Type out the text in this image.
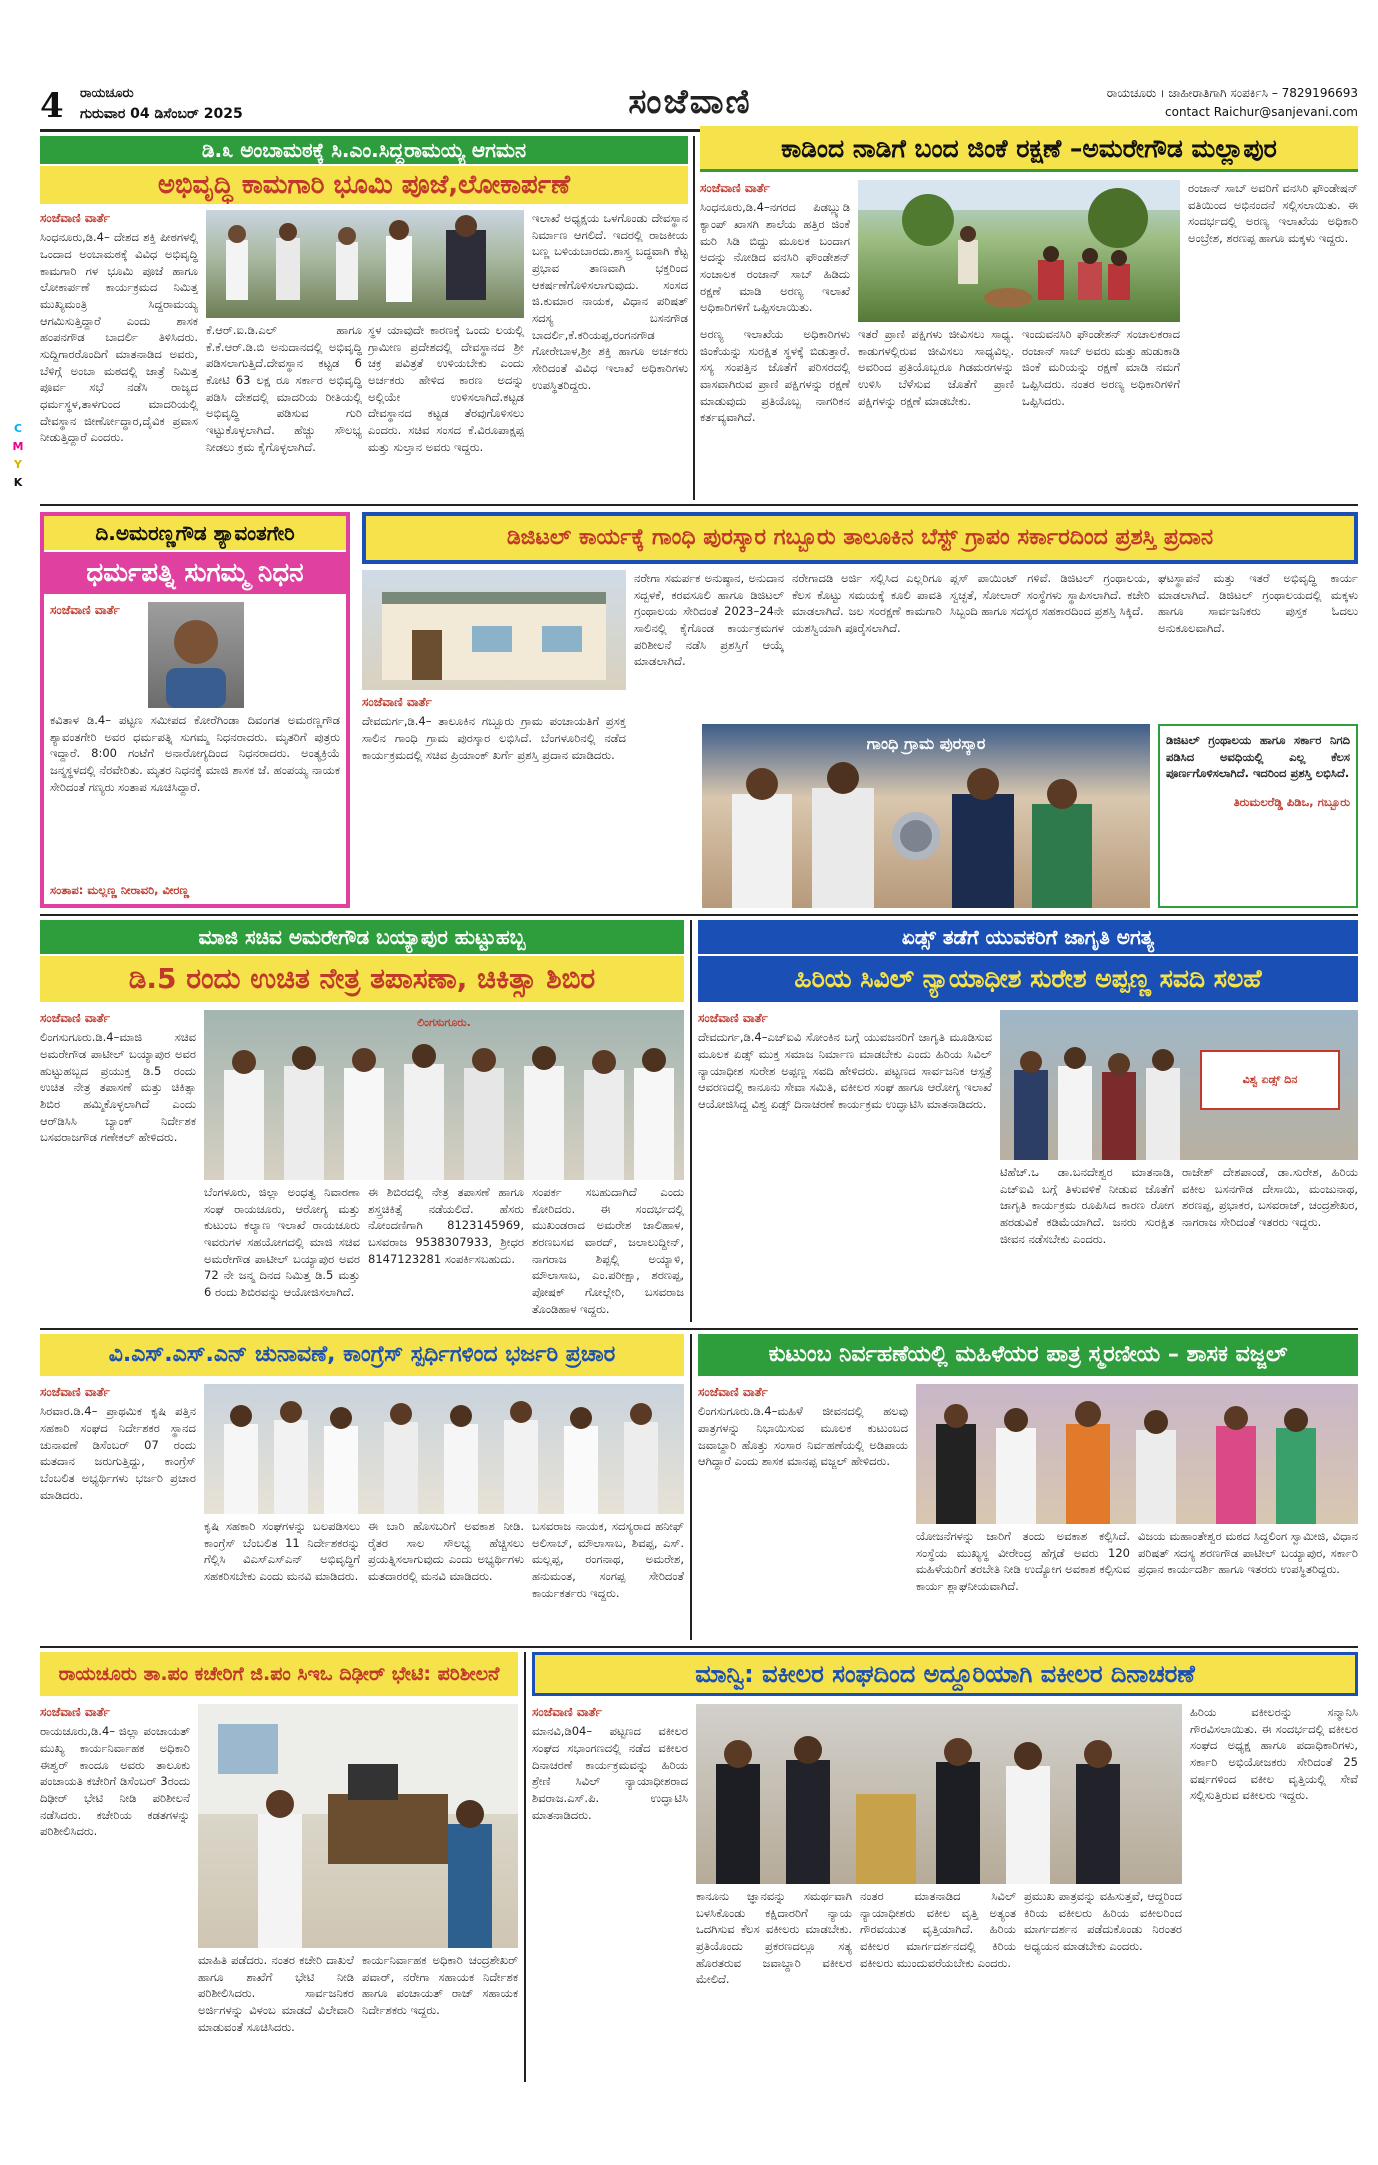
4 ರಾಯಚೂರು
ಗುರುವಾರ 04 ಡಿಸೆಂಬರ್ 2025	ಸಂಜೆವಾಣಿ	ರಾಯಚೂರು । ಜಾಹೀರಾತಿಗಾಗಿ ಸಂಪರ್ಕಿಸಿ – 7829196693
contact Raichur@sanjevani.com
C
M
Y
K
ಡಿ.೩ ಅಂಬಾಮಠಕ್ಕೆ ಸಿ.ಎಂ.ಸಿದ್ದರಾಮಯ್ಯ ಆಗಮನ
ಅಭಿವೃದ್ಧಿ ಕಾಮಗಾರಿ ಭೂಮಿ ಪೂಜೆ,ಲೋಕಾರ್ಪಣೆ
ಸಂಜೆವಾಣಿ ವಾರ್ತೆ
ಸಿಂಧನೂರು,ಡಿ.4– ದೇಶದ ಶಕ್ತಿ ಪೀಠಗಳಲ್ಲಿ ಒಂದಾದ ಅಂಬಾಮಠಕ್ಕೆ ವಿವಿಧ ಅಭಿವೃದ್ಧಿ ಕಾಮಗಾರಿ ಗಳ ಭೂಮಿ ಪೂಜೆ ಹಾಗೂ ಲೋಕಾರ್ಪಣೆ ಕಾರ್ಯಕ್ರಮದ ನಿಮಿತ್ತ ಮುಖ್ಯಮಂತ್ರಿ ಸಿದ್ದರಾಮಯ್ಯ ಆಗಮಿಸುತ್ತಿದ್ದಾರೆ ಎಂದು ಶಾಸಕ ಹಂಪನಗೌಡ ಬಾದರ್ಲಿ ತಿಳಿಸಿದರು. ಸುದ್ದಿಗಾರರೊಂದಿಗೆ ಮಾತನಾಡಿದ ಅವರು, ಬೆಳಿಗ್ಗೆ ಅಂಬಾ ಮಠದಲ್ಲಿ ಜಾತ್ರೆ ನಿಮಿತ್ತ ಪೂರ್ವ ಸಭೆ ನಡೆಸಿ ರಾಜ್ಯದ ಧರ್ಮಸ್ಥಳ,ತಾಳಗುಂದ ಮಾದರಿಯಲ್ಲಿ ದೇವಸ್ಥಾನ ಜೀರ್ಣೋದ್ಧಾರ,ದೈವಿಕ ಪ್ರವಾಸ ನೀಡುತ್ತಿದ್ದಾರೆ ಎಂದರು.
ಕೆ.ಆರ್.ಐ.ಡಿ.ಎಲ್ ಹಾಗೂ ಕೆ.ಕೆ.ಆರ್.ಡಿ.ಬಿ ಅನುದಾನದಲ್ಲಿ ಅಭಿವೃದ್ಧಿ ಪಡಿಸಲಾಗುತ್ತಿದೆ.ದೇವಸ್ಥಾನ ಕಟ್ಟಡ 6 ಕೋಟಿ 63 ಲಕ್ಷ ರೂ ಸರ್ಕಾರ ಅಭಿವೃದ್ಧಿ ಪಡಿಸಿ ದೇಶದಲ್ಲಿ ಮಾದರಿಯ ರೀತಿಯಲ್ಲಿ ಅಭಿವೃದ್ಧಿ ಪಡಿಸುವ ಗುರಿ ಇಟ್ಟುಕೊಳ್ಳಲಾಗಿದೆ. ಹೆಚ್ಚು ಸೌಲಭ್ಯ ನೀಡಲು ಕ್ರಮ ಕೈಗೊಳ್ಳಲಾಗಿದೆ.
ಸ್ಥಳ ಯಾವುದೇ ಕಾರಣಕ್ಕೆ ಒಂದು ಲಯಲ್ಲಿ ಗ್ರಾಮೀಣ ಪ್ರದೇಶದಲ್ಲಿ ದೇವಸ್ಥಾನದ ಶ್ರೀ ಚಕ್ರ ಪವಿತ್ರತೆ ಉಳಿಯಬೇಕು ಎಂದು ಅರ್ಚಕರು ಹೇಳಿದ ಕಾರಣ ಅದನ್ನು ಅಲ್ಲಿಯೇ ಉಳಿಸಲಾಗಿದೆ.ಕಟ್ಟಡ ದೇವಸ್ಥಾನದ ಕಟ್ಟಡ ತೆರವುಗೊಳಿಸಲು ಎಂದರು. ಸಚಿವ ಸಂಸದ ಕೆ.ವಿರೂಪಾಕ್ಷಪ್ಪ ಮತ್ತು ಸುಲ್ತಾನ ಅವರು ಇದ್ದರು.
ಇಲಾಖೆ ಅಧ್ಯಕ್ಷಯ ಒಳಗೊಂಡು ದೇವಸ್ಥಾನ ನಿರ್ಮಾಣ ಆಗಲಿದೆ. ಇದರಲ್ಲಿ ರಾಜಕೀಯ ಬಣ್ಣ ಬಳಿಯಬಾರದು.ಶಾಸ್ತ್ರ ಬದ್ಧವಾಗಿ ಕೆಟ್ಟ ಪ್ರಭಾವ ತಾಣವಾಗಿ ಭಕ್ತರಿಂದ ಆಕರ್ಷಣೆಗೊಳಿಸಲಾಗುವುದು. ಸಂಸದ ಜಿ.ಕುಮಾರ ನಾಯಕ, ವಿಧಾನ ಪರಿಷತ್ ಸದಸ್ಯ ಬಸನಗೌಡ ಬಾದರ್ಲಿ,ಕೆ.ಕರಿಯಪ್ಪ,ರಂಗನಗೌಡ ಗೋರೇಬಾಳ,ಶ್ರೀ ಶಕ್ತಿ ಹಾಗೂ ಅರ್ಚಕರು ಸೇರಿದಂತೆ ವಿವಿಧ ಇಲಾಖೆ ಅಧಿಕಾರಿಗಳು ಉಪಸ್ಥಿತರಿದ್ದರು.
ಕಾಡಿಂದ ನಾಡಿಗೆ ಬಂದ ಜಿಂಕೆ ರಕ್ಷಣೆ –ಅಮರೇಗೌಡ ಮಲ್ಲಾಪುರ
ಸಂಜೆವಾಣಿ ವಾರ್ತೆ
ಸಿಂಧನೂರು,ಡಿ.4–ನಗರದ ಪಿಡಬ್ಲ್ಯುಡಿ ಕ್ಯಾಂಪ್ ಖಾಸಗಿ ಶಾಲೆಯ ಹತ್ತಿರ ಜಿಂಕೆ ಮರಿ ಸಿಡಿ ಬಿದ್ದು ಮೂಲಕ ಬಂದಾಗ ಅದನ್ನು ನೋಡಿದ ವನಸಿರಿ ಫೌಂಡೇಶನ್ ಸಂಚಾಲಕ ರಂಜಾನ್ ಸಾಬ್ ಹಿಡಿದು ರಕ್ಷಣೆ ಮಾಡಿ ಅರಣ್ಯ ಇಲಾಖೆ ಅಧಿಕಾರಿಗಳಿಗೆ ಒಪ್ಪಿಸಲಾಯಿತು.
ಅರಣ್ಯ ಇಲಾಖೆಯ ಅಧಿಕಾರಿಗಳು ಜಿಂಕೆಯನ್ನು ಸುರಕ್ಷಿತ ಸ್ಥಳಕ್ಕೆ ಬಿಡುತ್ತಾರೆ. ಸಸ್ಯ ಸಂಪತ್ತಿನ ಜೊತೆಗೆ ಪರಿಸರದಲ್ಲಿ ವಾಸವಾಗಿರುವ ಪ್ರಾಣಿ ಪಕ್ಷಿಗಳನ್ನು ರಕ್ಷಣೆ ಮಾಡುವುದು ಪ್ರತಿಯೊಬ್ಬ ನಾಗರಿಕನ ಕರ್ತವ್ಯವಾಗಿದೆ.
ಇತರೆ ಪ್ರಾಣಿ ಪಕ್ಷಿಗಳು ಜೀವಿಸಲು ಸಾಧ್ಯ. ಕಾಡುಗಳಲ್ಲಿರುವ ಜೀವಿಸಲು ಸಾಧ್ಯವಿಲ್ಲ. ಅವರಿಂದ ಪ್ರತಿಯೊಬ್ಬರೂ ಗಿಡಮರಗಳನ್ನು ಉಳಿಸಿ ಬೆಳೆಸುವ ಜೊತೆಗೆ ಪ್ರಾಣಿ ಪಕ್ಷಿಗಳನ್ನು ರಕ್ಷಣೆ ಮಾಡಬೇಕು.
ಇಂದುವನಸಿರಿ ಫೌಂಡೇಶನ್ ಸಂಚಾಲಕರಾದ ರಂಜಾನ್ ಸಾಬ್ ಅವರು ಮತ್ತು ಹುಡುಕಾಡಿ ಜಿಂಕೆ ಮರಿಯನ್ನು ರಕ್ಷಣೆ ಮಾಡಿ ನಮಗೆ ಒಪ್ಪಿಸಿದರು. ನಂತರ ಅರಣ್ಯ ಅಧಿಕಾರಿಗಳಿಗೆ ಒಪ್ಪಿಸಿದರು.
ರಂಜಾನ್ ಸಾಬ್ ಅವರಿಗೆ ವನಸಿರಿ ಫೌಂಡೇಷನ್ ವತಿಯಿಂದ ಅಭಿನಂದನೆ ಸಲ್ಲಿಸಲಾಯಿತು. ಈ ಸಂದರ್ಭದಲ್ಲಿ ಅರಣ್ಯ ಇಲಾಖೆಯ ಅಧಿಕಾರಿ ಅಂಬ್ರೇಶ, ಶರಣಪ್ಪ ಹಾಗೂ ಮಕ್ಕಳು ಇದ್ದರು.
ದಿ.ಅಮರಣ್ಣಗೌಡ ಶ್ಯಾವಂತಗೇರಿ
ಧರ್ಮಪತ್ನಿ ಸುಗಮ್ಮ ನಿಧನ
ಸಂಜೆವಾಣಿ ವಾರ್ತೆ
ಕವಿತಾಳ ಡಿ.4– ಪಟ್ಟಣ ಸಮೀಪದ ಕೋರೆಗಿಂಡಾ ದಿವಂಗತ ಅಮರಣ್ಣಗೌಡ ಶ್ಯಾವಂತಗೇರಿ ಅವರ ಧರ್ಮಪತ್ನಿ ಸುಗಮ್ಮ ನಿಧನರಾದರು. ಮೃತರಿಗೆ ಪುತ್ರರು ಇದ್ದಾರೆ. 8:00 ಗಂಟೆಗೆ ಅನಾರೋಗ್ಯದಿಂದ ನಿಧನರಾದರು. ಅಂತ್ಯಕ್ರಿಯೆ ಜನ್ಮಸ್ಥಳದಲ್ಲಿ ನೆರವೇರಿತು. ಮೃತರ ನಿಧನಕ್ಕೆ ಮಾಜಿ ಶಾಸಕ ಜೆ. ಹಂಪಯ್ಯ ನಾಯಕ ಸೇರಿದಂತೆ ಗಣ್ಯರು ಸಂತಾಪ ಸೂಚಿಸಿದ್ದಾರೆ.
ಸಂತಾಪ: ಮಲ್ಲಣ್ಣ ನೀರಾವರಿ, ವೀರಣ್ಣ
ಡಿಜಿಟಲ್ ಕಾರ್ಯಕ್ಕೆ ಗಾಂಧಿ ಪುರಸ್ಕಾರ ಗಬ್ಬೂರು ತಾಲೂಕಿನ ಬೆಸ್ಟ್ ಗ್ರಾಪಂ ಸರ್ಕಾರದಿಂದ ಪ್ರಶಸ್ತಿ ಪ್ರದಾನ
ಸಂಜೆವಾಣಿ ವಾರ್ತೆ
ದೇವದುರ್ಗ,ಡಿ.4– ತಾಲೂಕಿನ ಗಬ್ಬೂರು ಗ್ರಾಮ ಪಂಚಾಯತಿಗೆ ಪ್ರಸಕ್ತ ಸಾಲಿನ ಗಾಂಧಿ ಗ್ರಾಮ ಪುರಸ್ಕಾರ ಲಭಿಸಿದೆ. ಬೆಂಗಳೂರಿನಲ್ಲಿ ನಡೆದ ಕಾರ್ಯಕ್ರಮದಲ್ಲಿ ಸಚಿವ ಪ್ರಿಯಾಂಕ್ ಖರ್ಗೆ ಪ್ರಶಸ್ತಿ ಪ್ರದಾನ ಮಾಡಿದರು.
ನರೇಗಾ ಸಮರ್ಪಕ ಅನುಷ್ಠಾನ, ಅನುದಾನ ಸದ್ಬಳಕೆ, ಕರವಸೂಲಿ ಹಾಗೂ ಡಿಜಿಟಲ್ ಗ್ರಂಥಾಲಯ ಸೇರಿದಂತೆ 2023–24ನೇ ಸಾಲಿನಲ್ಲಿ ಕೈಗೊಂಡ ಕಾರ್ಯಕ್ರಮಗಳ ಪರಿಶೀಲನೆ ನಡೆಸಿ ಪ್ರಶಸ್ತಿಗೆ ಆಯ್ಕೆ ಮಾಡಲಾಗಿದೆ.
ನರೇಗಾದಡಿ ಅರ್ಜಿ ಸಲ್ಲಿಸಿದ ಎಲ್ಲರಿಗೂ ಕೆಲಸ ಕೊಟ್ಟು ಸಮಯಕ್ಕೆ ಕೂಲಿ ಪಾವತಿ ಮಾಡಲಾಗಿದೆ. ಜಲ ಸಂರಕ್ಷಣೆ ಕಾಮಗಾರಿ ಯಶಸ್ವಿಯಾಗಿ ಪೂರೈಸಲಾಗಿದೆ.
ಪ್ಲಸ್ ಪಾಯಿಂಟ್ ಗಳಿವೆ. ಡಿಜಿಟಲ್ ಗ್ರಂಥಾಲಯ, ಸ್ವಚ್ಛತೆ, ಸೋಲಾರ್ ಸಂಸ್ಥೆಗಳು ಸ್ಥಾಪಿಸಲಾಗಿದೆ. ಕಚೇರಿ ಸಿಬ್ಬಂದಿ ಹಾಗೂ ಸದಸ್ಯರ ಸಹಕಾರದಿಂದ ಪ್ರಶಸ್ತಿ ಸಿಕ್ಕಿದೆ.
ಗಾಂಧಿ ಗ್ರಾಮ ಪುರಸ್ಕಾರ
ಘಟಸ್ಥಾಪನೆ ಮತ್ತು ಇತರೆ ಅಭಿವೃದ್ಧಿ ಕಾರ್ಯ ಮಾಡಲಾಗಿದೆ. ಡಿಜಿಟಲ್ ಗ್ರಂಥಾಲಯದಲ್ಲಿ ಮಕ್ಕಳು ಹಾಗೂ ಸಾರ್ವಜನಿಕರು ಪುಸ್ತಕ ಓದಲು ಅನುಕೂಲವಾಗಿದೆ.
ಡಿಜಿಟಲ್ ಗ್ರಂಥಾಲಯ ಹಾಗೂ ಸರ್ಕಾರ ನಿಗದಿ ಪಡಿಸಿದ ಅವಧಿಯಲ್ಲಿ ಎಲ್ಲ ಕೆಲಸ ಪೂರ್ಣಗೊಳಿಸಲಾಗಿದೆ. ಇದರಿಂದ ಪ್ರಶಸ್ತಿ ಲಭಿಸಿದೆ.
ತಿರುಮಲರೆಡ್ಡಿ ಪಿಡಿಒ, ಗಬ್ಬೂರು
ಮಾಜಿ ಸಚಿವ ಅಮರೇಗೌಡ ಬಯ್ಯಾಪುರ ಹುಟ್ಟುಹಬ್ಬ
ಡಿ.5 ರಂದು ಉಚಿತ ನೇತ್ರ ತಪಾಸಣಾ, ಚಿಕಿತ್ಸಾ ಶಿಬಿರ
ಸಂಜೆವಾಣಿ ವಾರ್ತೆ
ಲಿಂಗಸುಗೂರು.ಡಿ.4–ಮಾಜಿ ಸಚಿವ ಅಮರೇಗೌಡ ಪಾಟೀಲ್ ಬಯ್ಯಾಪುರ ಅವರ ಹುಟ್ಟುಹಬ್ಬದ ಪ್ರಯುಕ್ತ ಡಿ.5 ರಂದು ಉಚಿತ ನೇತ್ರ ತಪಾಸಣೆ ಮತ್ತು ಚಿಕಿತ್ಸಾ ಶಿಬಿರ ಹಮ್ಮಿಕೊಳ್ಳಲಾಗಿದೆ ಎಂದು ಆರ್‌ಡಿಸಿಸಿ ಬ್ಯಾಂಕ್ ನಿರ್ದೇಶಕ ಬಸವರಾಜಗೌಡ ಗಣೇಕಲ್ ಹೇಳಿದರು.
ಲಿಂಗಸುಗೂರು.
ಬೆಂಗಳೂರು, ಜಿಲ್ಲಾ ಅಂಧತ್ವ ನಿವಾರಣಾ ಸಂಘ ರಾಯಚೂರು, ಆರೋಗ್ಯ ಮತ್ತು ಕುಟುಂಬ ಕಲ್ಯಾಣ ಇಲಾಖೆ ರಾಯಚೂರು ಇವರುಗಳ ಸಹಯೋಗದಲ್ಲಿ ಮಾಜಿ ಸಚಿವ ಅಮರೇಗೌಡ ಪಾಟೀಲ್ ಬಯ್ಯಾಪುರ ಅವರ 72 ನೇ ಜನ್ಮ ದಿನದ ನಿಮಿತ್ತ ಡಿ.5 ಮತ್ತು 6 ರಂದು ಶಿಬಿರವನ್ನು ಆಯೋಜಿಸಲಾಗಿದೆ.
ಈ ಶಿಬಿರದಲ್ಲಿ ನೇತ್ರ ತಪಾಸಣೆ ಹಾಗೂ ಶಸ್ತ್ರಚಿಕಿತ್ಸೆ ನಡೆಯಲಿದೆ. ಹೆಸರು ನೋಂದಣಿಗಾಗಿ 8123145969, ಬಸವರಾಜ 9538307933, ಶ್ರೀಧರ 8147123281 ಸಂಪರ್ಕಿಸಬಹುದು.
ಸಂಪರ್ಕ ಸಬಹುದಾಗಿದೆ ಎಂದು ಕೋರಿದರು. ಈ ಸಂದರ್ಭದಲ್ಲಿ ಮುಖಂಡರಾದ ಅಮರೇಶ ಜಾಲಿಹಾಳ, ಶರಣಬಸವ ವಾರದ್, ಜಲಾಲುದ್ದೀನ್, ನಾಗರಾಜ ಶಿಪ್ಪಲ್ಲಿ ಅಯ್ಯಾಳಿ, ಮೌಲಾಸಾಬ, ಎಂ.ಪರೀಕ್ಷಾ, ಶರಣಪ್ಪ, ಪೋಷಕ್ ಗೋಲ್ಲೇರಿ, ಬಸವರಾಜ ತೊಂಡಿಹಾಳ ಇದ್ದರು.
ಏಡ್ಸ್ ತಡೆಗೆ ಯುವಕರಿಗೆ ಜಾಗೃತಿ ಅಗತ್ಯ
ಹಿರಿಯ ಸಿವಿಲ್ ನ್ಯಾಯಾಧೀಶ ಸುರೇಶ ಅಪ್ಪಣ್ಣ ಸವದಿ ಸಲಹೆ
ಸಂಜೆವಾಣಿ ವಾರ್ತೆ
ದೇವದುರ್ಗ,ಡಿ.4–ಎಚ್‌ಐವಿ ಸೋಂಕಿನ ಬಗ್ಗೆ ಯುವಜನರಿಗೆ ಜಾಗೃತಿ ಮೂಡಿಸುವ ಮೂಲಕ ಏಡ್ಸ್ ಮುಕ್ತ ಸಮಾಜ ನಿರ್ಮಾಣ ಮಾಡಬೇಕು ಎಂದು ಹಿರಿಯ ಸಿವಿಲ್ ನ್ಯಾಯಾಧೀಶ ಸುರೇಶ ಅಪ್ಪಣ್ಣ ಸವದಿ ಹೇಳಿದರು. ಪಟ್ಟಣದ ಸಾರ್ವಜನಿಕ ಆಸ್ಪತ್ರೆ ಆವರಣದಲ್ಲಿ ಕಾನೂನು ಸೇವಾ ಸಮಿತಿ, ವಕೀಲರ ಸಂಘ ಹಾಗೂ ಆರೋಗ್ಯ ಇಲಾಖೆ ಆಯೋಜಿಸಿದ್ದ ವಿಶ್ವ ಏಡ್ಸ್ ದಿನಾಚರಣೆ ಕಾರ್ಯಕ್ರಮ ಉದ್ಘಾಟಿಸಿ ಮಾತನಾಡಿದರು.
ವಿಶ್ವ ಏಡ್ಸ್ ದಿನ
ಟಿಹೆಚ್.ಒ ಡಾ.ಬನದೇಶ್ವರ ಮಾತನಾಡಿ, ಎಚ್‌ಐವಿ ಬಗ್ಗೆ ತಿಳುವಳಿಕೆ ನೀಡುವ ಜೊತೆಗೆ ಜಾಗೃತಿ ಕಾರ್ಯಕ್ರಮ ರೂಪಿಸಿದ ಕಾರಣ ರೋಗ ಹರಡುವಿಕೆ ಕಡಿಮೆಯಾಗಿದೆ. ಜನರು ಸುರಕ್ಷಿತ ಜೀವನ ನಡೆಸಬೇಕು ಎಂದರು.
ರಾಜೇಶ್ ದೇಶಪಾಂಡೆ, ಡಾ.ಸುರೇಶ, ಹಿರಿಯ ವಕೀಲ ಬಸನಗೌಡ ದೇಸಾಯಿ, ಮಂಜುನಾಥ, ಶರಣಪ್ಪ, ಪ್ರಭಾಕರ, ಬಸವರಾಜ್, ಚಂದ್ರಶೇಖರ, ನಾಗರಾಜ ಸೇರಿದಂತೆ ಇತರರು ಇದ್ದರು.
ವಿ.ಎಸ್.ಎಸ್.ಎನ್ ಚುನಾವಣೆ, ಕಾಂಗ್ರೆಸ್ ಸ್ಪರ್ಧಿಗಳಿಂದ ಭರ್ಜರಿ ಪ್ರಚಾರ
ಸಂಜೆವಾಣಿ ವಾರ್ತೆ
ಸಿರವಾರ.ಡಿ.4– ಪ್ರಾಥಮಿಕ ಕೃಷಿ ಪತ್ತಿನ ಸಹಕಾರಿ ಸಂಘದ ನಿರ್ದೇಶಕರ ಸ್ಥಾನದ ಚುನಾವಣೆ ಡಿಸೆಂಬರ್ 07 ರಂದು ಮತದಾನ ಜರುಗುತ್ತಿದ್ದು, ಕಾಂಗ್ರೆಸ್ ಬೆಂಬಲಿತ ಅಭ್ಯರ್ಥಿಗಳು ಭರ್ಜರಿ ಪ್ರಚಾರ ಮಾಡಿದರು.
ಕೃಷಿ ಸಹಕಾರಿ ಸಂಘಗಳನ್ನು ಬಲಪಡಿಸಲು ಕಾಂಗ್ರೆಸ್ ಬೆಂಬಲಿತ 11 ನಿರ್ದೇಶಕರನ್ನು ಗೆಲ್ಲಿಸಿ ವಿಎಸ್‌ಎಸ್‌ಎನ್ ಅಭಿವೃದ್ಧಿಗೆ ಸಹಕರಿಸಬೇಕು ಎಂದು ಮನವಿ ಮಾಡಿದರು.
ಈ ಬಾರಿ ಹೊಸಬರಿಗೆ ಅವಕಾಶ ನೀಡಿ. ರೈತರ ಸಾಲ ಸೌಲಭ್ಯ ಹೆಚ್ಚಿಸಲು ಪ್ರಯತ್ನಿಸಲಾಗುವುದು ಎಂದು ಅಭ್ಯರ್ಥಿಗಳು ಮತದಾರರಲ್ಲಿ ಮನವಿ ಮಾಡಿದರು.
ಬಸವರಾಜ ನಾಯಕ, ಸದಸ್ಯರಾದ ಹನೀಫ್ ಅಲಿಸಾಬ್, ಮೌಲಾಸಾಬ, ಶಿವಪ್ಪ, ಎಸ್. ಮಲ್ಲಪ್ಪ, ರಂಗನಾಥ, ಅಮರೇಶ, ಹನುಮಂತ, ಸಂಗಪ್ಪ ಸೇರಿದಂತೆ ಕಾರ್ಯಕರ್ತರು ಇದ್ದರು.
ಕುಟುಂಬ ನಿರ್ವಹಣೆಯಲ್ಲಿ ಮಹಿಳೆಯರ ಪಾತ್ರ ಸ್ಮರಣೀಯ – ಶಾಸಕ ವಜ್ಜಲ್
ಸಂಜೆವಾಣಿ ವಾರ್ತೆ
ಲಿಂಗಸುಗೂರು.ಡಿ.4–ಮಹಿಳೆ ಜೀವನದಲ್ಲಿ ಹಲವು ಪಾತ್ರಗಳನ್ನು ನಿಭಾಯಿಸುವ ಮೂಲಕ ಕುಟುಂಬದ ಜವಾಬ್ದಾರಿ ಹೊತ್ತು ಸಂಸಾರ ನಿರ್ವಹಣೆಯಲ್ಲಿ ಅಡಿಪಾಯ ಆಗಿದ್ದಾರೆ ಎಂದು ಶಾಸಕ ಮಾನಪ್ಪ ವಜ್ಜಲ್ ಹೇಳಿದರು.
ಯೋಜನೆಗಳನ್ನು ಜಾರಿಗೆ ತಂದು ಅವಕಾಶ ಕಲ್ಪಿಸಿದೆ. ಸಂಸ್ಥೆಯ ಮುಖ್ಯಸ್ಥ ವೀರೇಂದ್ರ ಹೆಗ್ಗಡೆ ಅವರು 120 ಮಹಿಳೆಯರಿಗೆ ತರಬೇತಿ ನೀಡಿ ಉದ್ಯೋಗ ಅವಕಾಶ ಕಲ್ಪಿಸುವ ಕಾರ್ಯ ಶ್ಲಾಘನೀಯವಾಗಿದೆ.
ವಿಜಯ ಮಹಾಂತೇಶ್ವರ ಮಠದ ಸಿದ್ದಲಿಂಗ ಸ್ವಾಮೀಜಿ, ವಿಧಾನ ಪರಿಷತ್ ಸದಸ್ಯ ಶರಣಗೌಡ ಪಾಟೀಲ್ ಬಯ್ಯಾಪುರ, ಸರ್ಕಾರಿ ಪ್ರಧಾನ ಕಾರ್ಯದರ್ಶಿ ಹಾಗೂ ಇತರರು ಉಪಸ್ಥಿತರಿದ್ದರು.
ರಾಯಚೂರು ತಾ.ಪಂ ಕಚೇರಿಗೆ ಜಿ.ಪಂ ಸಿಇಒ ದಿಢೀರ್ ಭೇಟಿ: ಪರಿಶೀಲನೆ
ಸಂಜೆವಾಣಿ ವಾರ್ತೆ
ರಾಯಚೂರು,ಡಿ.4– ಜಿಲ್ಲಾ ಪಂಚಾಯತ್ ಮುಖ್ಯ ಕಾರ್ಯನಿರ್ವಾಹಕ ಅಧಿಕಾರಿ ಈಶ್ವರ್ ಕಾಂದೂ ಅವರು ತಾಲೂಕು ಪಂಚಾಯತಿ ಕಚೇರಿಗೆ ಡಿಸೆಂಬರ್ 3ರಂದು ದಿಢೀರ್ ಭೇಟಿ ನೀಡಿ ಪರಿಶೀಲನೆ ನಡೆಸಿದರು. ಕಚೇರಿಯ ಕಡತಗಳನ್ನು ಪರಿಶೀಲಿಸಿದರು.
ಮಾಹಿತಿ ಪಡೆದರು. ನಂತರ ಕಚೇರಿ ದಾಖಲೆ ಹಾಗೂ ಶಾಖೆಗೆ ಭೇಟಿ ನೀಡಿ ಪರಿಶೀಲಿಸಿದರು. ಸಾರ್ವಜನಿಕರ ಅರ್ಜಿಗಳನ್ನು ವಿಳಂಬ ಮಾಡದೆ ವಿಲೇವಾರಿ ಮಾಡುವಂತೆ ಸೂಚಿಸಿದರು.
ಕಾರ್ಯನಿರ್ವಾಹಕ ಅಧಿಕಾರಿ ಚಂದ್ರಶೇಖರ್ ಪವಾರ್, ನರೇಗಾ ಸಹಾಯಕ ನಿರ್ದೇಶಕ ಹಾಗೂ ಪಂಚಾಯತ್ ರಾಜ್ ಸಹಾಯಕ ನಿರ್ದೇಶಕರು ಇದ್ದರು.
ಮಾನ್ವಿ: ವಕೀಲರ ಸಂಘದಿಂದ ಅದ್ದೂರಿಯಾಗಿ ವಕೀಲರ ದಿನಾಚರಣೆ
ಸಂಜೆವಾಣಿ ವಾರ್ತೆ
ಮಾನವಿ,ಡಿ04– ಪಟ್ಟಣದ ವಕೀಲರ ಸಂಘದ ಸಭಾಂಗಣದಲ್ಲಿ ನಡೆದ ವಕೀಲರ ದಿನಾಚರಣೆ ಕಾರ್ಯಕ್ರಮವನ್ನು ಹಿರಿಯ ಶ್ರೇಣಿ ಸಿವಿಲ್ ನ್ಯಾಯಾಧೀಶರಾದ ಶಿವರಾಜ.ಎಸ್.ಪಿ. ಉದ್ಘಾಟಿಸಿ ಮಾತನಾಡಿದರು.
ಕಾನೂನು ಜ್ಞಾನವನ್ನು ಸಮರ್ಥವಾಗಿ ಬಳಸಿಕೊಂಡು ಕಕ್ಷಿದಾರರಿಗೆ ನ್ಯಾಯ ಒದಗಿಸುವ ಕೆಲಸ ವಕೀಲರು ಮಾಡಬೇಕು. ಪ್ರತಿಯೊಂದು ಪ್ರಕರಣದಲ್ಲೂ ಸತ್ಯ ಹೊರತರುವ ಜವಾಬ್ದಾರಿ ವಕೀಲರ ಮೇಲಿದೆ.
ನಂತರ ಮಾತನಾಡಿದ ಸಿವಿಲ್ ನ್ಯಾಯಾಧೀಶರು ವಕೀಲ ವೃತ್ತಿ ಅತ್ಯಂತ ಗೌರವಯುತ ವೃತ್ತಿಯಾಗಿದೆ. ಹಿರಿಯ ವಕೀಲರ ಮಾರ್ಗದರ್ಶನದಲ್ಲಿ ಕಿರಿಯ ವಕೀಲರು ಮುಂದುವರೆಯಬೇಕು ಎಂದರು.
ಪ್ರಮುಖ ಪಾತ್ರವನ್ನು ವಹಿಸುತ್ತವೆ, ಆದ್ದರಿಂದ ಕಿರಿಯ ವಕೀಲರು ಹಿರಿಯ ವಕೀಲರಿಂದ ಮಾರ್ಗದರ್ಶನ ಪಡೆದುಕೊಂಡು ನಿರಂತರ ಅಧ್ಯಯನ ಮಾಡಬೇಕು ಎಂದರು.
ಹಿರಿಯ ವಕೀಲರನ್ನು ಸನ್ಮಾನಿಸಿ ಗೌರವಿಸಲಾಯಿತು. ಈ ಸಂದರ್ಭದಲ್ಲಿ ವಕೀಲರ ಸಂಘದ ಅಧ್ಯಕ್ಷ ಹಾಗೂ ಪದಾಧಿಕಾರಿಗಳು, ಸರ್ಕಾರಿ ಅಭಿಯೋಜಕರು ಸೇರಿದಂತೆ 25 ವರ್ಷಗಳಿಂದ ವಕೀಲ ವೃತ್ತಿಯಲ್ಲಿ ಸೇವೆ ಸಲ್ಲಿಸುತ್ತಿರುವ ವಕೀಲರು ಇದ್ದರು.
